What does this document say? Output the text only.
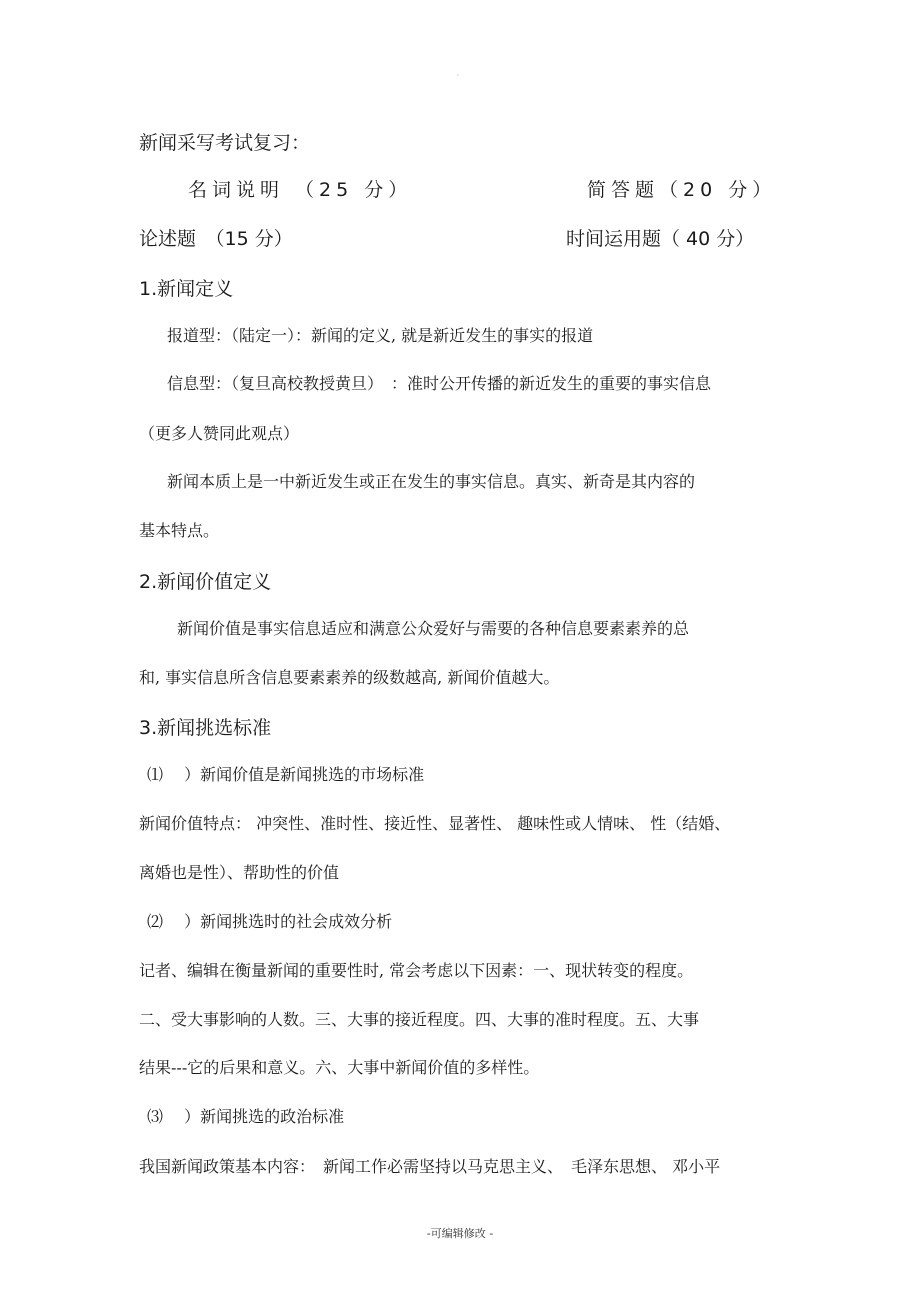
◦
新闻采写考试复习：
名词说明 （25 分）	简答题（20 分）
论述题　（15 分）	时间运用题（ 40 分）
1.新闻定义
报道型：（陆定一）：新闻的定义, 就是新近发生的事实的报道
信息型：（复旦高校教授黄旦）　：准时公开传播的新近发生的重要的事实信息
（更多人赞同此观点）
新闻本质上是一中新近发生或正在发生的事实信息。真实、新奇是其内容的
基本特点。
2.新闻价值定义
新闻价值是事实信息适应和满意公众爱好与需要的各种信息要素素养的总
和, 事实信息所含信息要素素养的级数越高, 新闻价值越大。
3.新闻挑选标准
⑴ 　）新闻价值是新闻挑选的市场标准
新闻价值特点： 冲突性、准时性、接近性、显著性、 趣味性或人情味、 性（结婚、
离婚也是性）、帮助性的价值
⑵ 　）新闻挑选时的社会成效分析
记者、编辑在衡量新闻的重要性时, 常会考虑以下因素：一、现状转变的程度。
二、受大事影响的人数。三、大事的接近程度。四、大事的准时程度。五、大事
结果---它的后果和意义。六、大事中新闻价值的多样性。
⑶ 　）新闻挑选的政治标准
我国新闻政策基本内容：　新闻工作必需坚持以马克思主义、　毛泽东思想、 邓小平
-可编辑修改 -
